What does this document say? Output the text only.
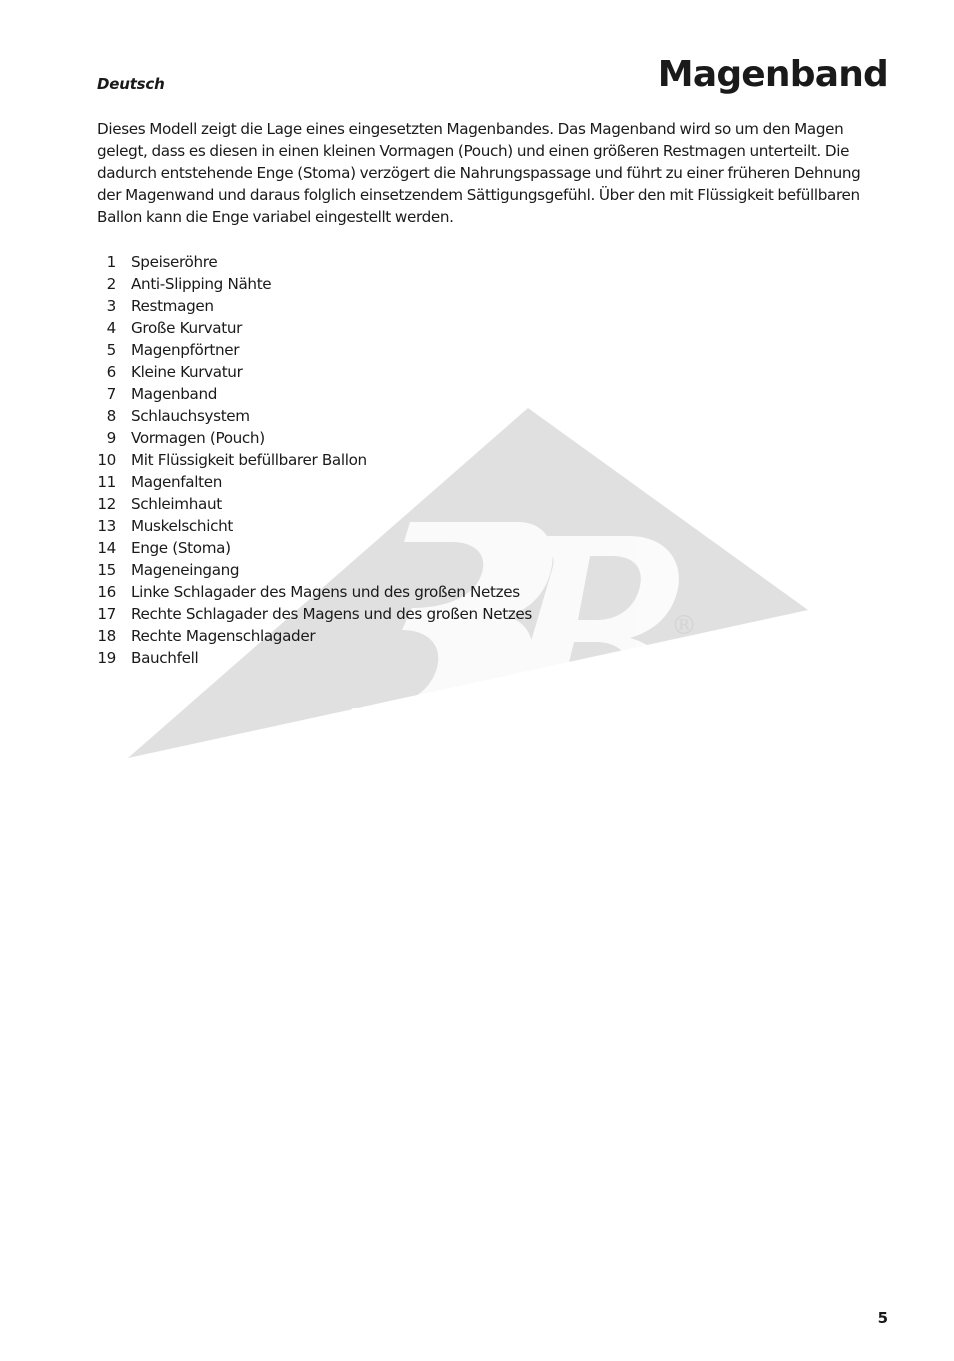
®
Deutsch	Magenband

Dieses Modell zeigt die Lage eines eingesetzten Magenbandes. Das Magenband wird so um den Magen gelegt, dass es diesen in einen kleinen Vormagen (Pouch) und einen größeren Restmagen unterteilt. Die dadurch entstehende Enge (Stoma) verzögert die Nahrungspassage und führt zu einer früheren Dehnung der Magenwand und daraus folglich einsetzendem Sättigungsgefühl. Über den mit Flüssigkeit befüllbaren Ballon kann die Enge variabel eingestellt werden.

1 Speiseröhre
2 Anti-Slipping Nähte
3 Restmagen
4 Große Kurvatur
5 Magenpförtner
6 Kleine Kurvatur
7 Magenband
8 Schlauchsystem
9 Vormagen (Pouch)
10 Mit Flüssigkeit befüllbarer Ballon
11 Magenfalten
12 Schleimhaut
13 Muskelschicht
14 Enge (Stoma)
15 Mageneingang
16 Linke Schlagader des Magens und des großen Netzes
17 Rechte Schlagader des Magens und des großen Netzes
18 Rechte Magenschlagader
19 Bauchfell
5
